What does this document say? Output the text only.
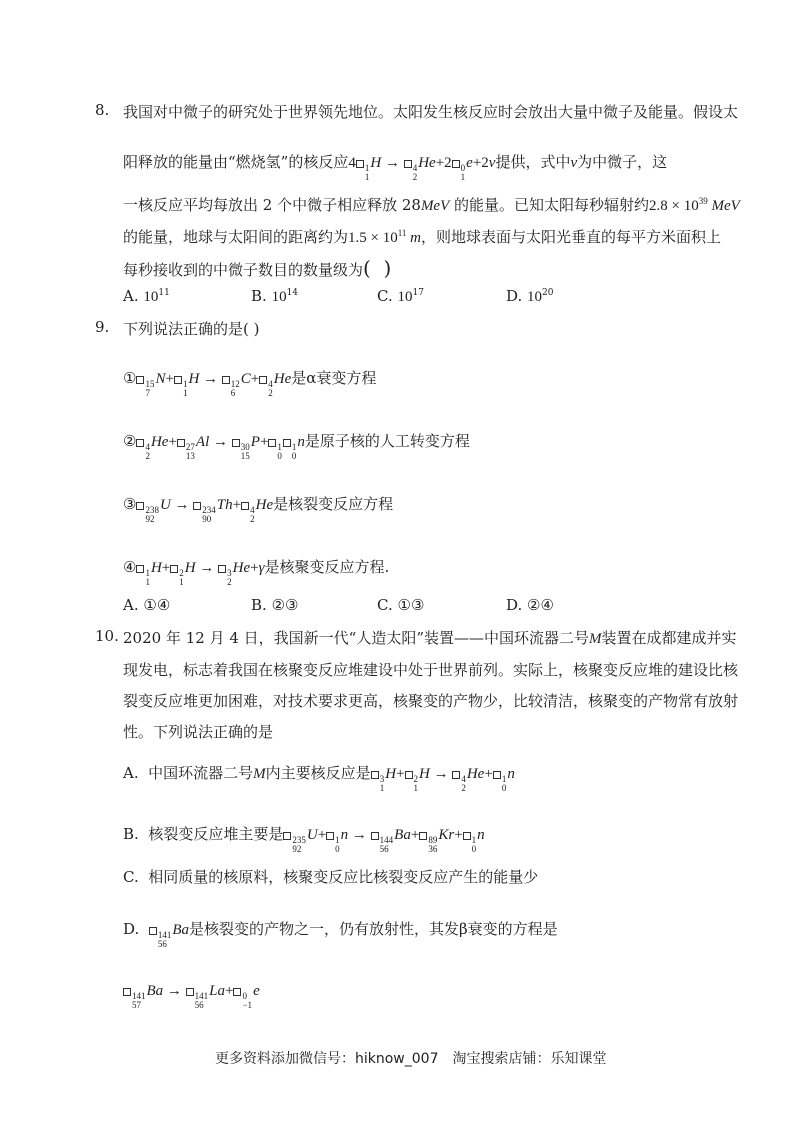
8. 我国对中微子的研究处于世界领先地位。太阳发生核反应时会放出大量中微子及能量。假设太
阳释放的能量由“燃烧氢”的核反应4 1
1
H → 4
2
He+2 0
1
e+2v提供，式中v为中微子，这
一核反应平均每放出 2 个中微子相应释放 28MeV 的能量。已知太阳每秒辐射约$2.8 \times 10^{39}$ MeV
的能量，地球与太阳间的距离约为$1.5 \times 10^{11}$ m，则地球表面与太阳光垂直的每平方米面积上
每秒接收到的中微子数目的数量级为(  )
A. $10^{11}$	B. $10^{14}$	C. $10^{17}$	D. $10^{20}$
9. 下列说法正确的是( )
① 15
7
N+ 1
1
H → 12
6
C+ 4
2
He是α衰变方程
② 4
2
He+ 27
13
Al → 30
15
P+ 1
0
1
0
n是原子核的人工转变方程
③ 238
92
U → 234
90
Th+ 4
2
He是核裂变反应方程
④ 1
1
H+ 2
1
H → 3
2
He+γ是核聚变反应方程.
A. ①④	B. ②③	C. ①③	D. ②④
10. 2020 年 12 月 4 日，我国新一代“人造太阳”装置——中国环流器二号M装置在成都建成并实
现发电，标志着我国在核聚变反应堆建设中处于世界前列。实际上，核聚变反应堆的建设比核
裂变反应堆更加困难，对技术要求更高，核聚变的产物少，比较清洁，核聚变的产物常有放射
性。下列说法正确的是
A. 中国环流器二号M内主要核反应是 3
1
H+ 2
1
H → 4
2
He+ 1
0
n
B. 核裂变反应堆主要是 235
92
U+ 1
0
n → 144
56
Ba+ 89
36
Kr+ 1
0
n
C. 相同质量的核原料，核聚变反应比核裂变反应产生的能量少
D. 141
56
Ba是核裂变的产物之一，仍有放射性，其发β衰变的方程是
141
57
Ba → 141
56
La+ 0
−1
e
更多资料添加微信号：hiknow_007　淘宝搜索店铺：乐知课堂
